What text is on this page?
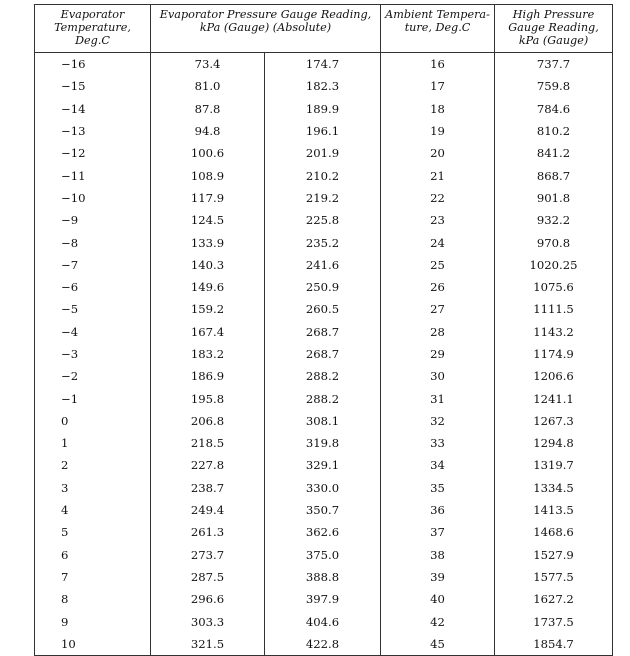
Evaporator Temperature, Deg.C	Evaporator Pressure Gauge Reading, kPa (Gauge) (Absolute)		Ambient Tempera-ture, Deg.C	High Pressure Gauge Reading, kPa (Gauge)
−16	73.4	174.7	16	737.7
−15	81.0	182.3	17	759.8
−14	87.8	189.9	18	784.6
−13	94.8	196.1	19	810.2
−12	100.6	201.9	20	841.2
−11	108.9	210.2	21	868.7
−10	117.9	219.2	22	901.8
−9	124.5	225.8	23	932.2
−8	133.9	235.2	24	970.8
−7	140.3	241.6	25	1020.25
−6	149.6	250.9	26	1075.6
−5	159.2	260.5	27	1111.5
−4	167.4	268.7	28	1143.2
−3	183.2	268.7	29	1174.9
−2	186.9	288.2	30	1206.6
−1	195.8	288.2	31	1241.1
0	206.8	308.1	32	1267.3
1	218.5	319.8	33	1294.8
2	227.8	329.1	34	1319.7
3	238.7	330.0	35	1334.5
4	249.4	350.7	36	1413.5
5	261.3	362.6	37	1468.6
6	273.7	375.0	38	1527.9
7	287.5	388.8	39	1577.5
8	296.6	397.9	40	1627.2
9	303.3	404.6	42	1737.5
10	321.5	422.8	45	1854.7
